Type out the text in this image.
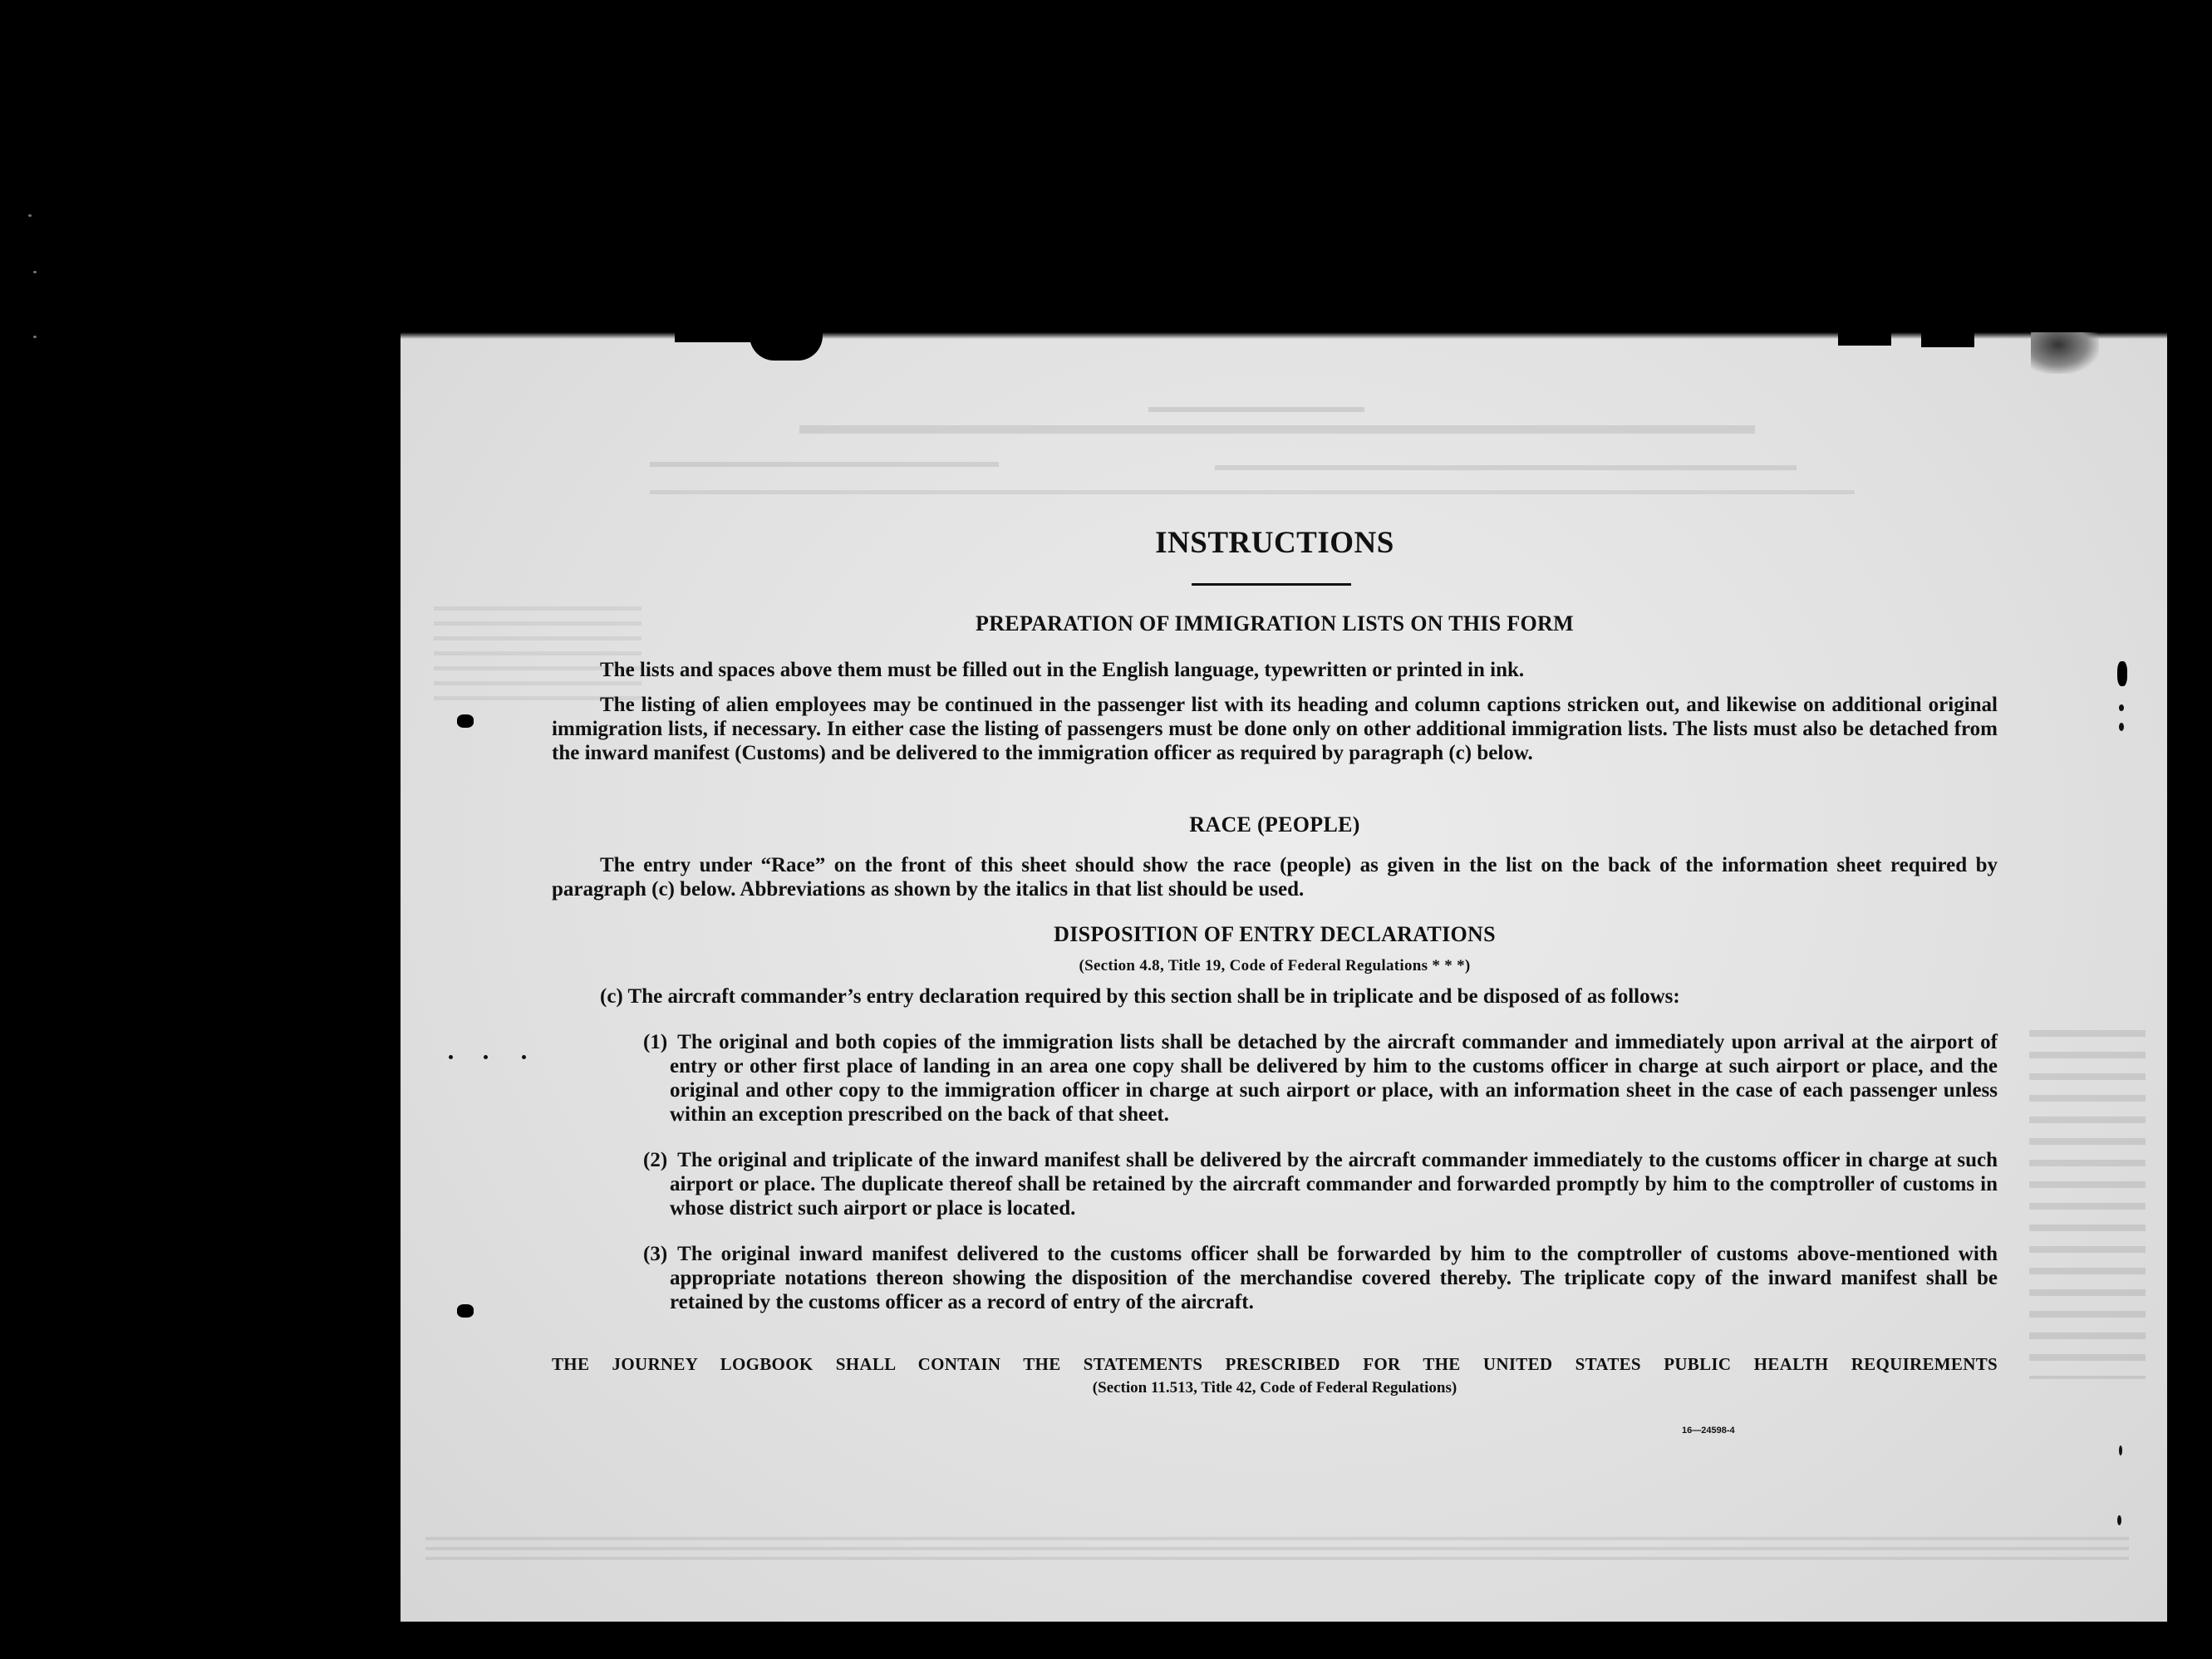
INSTRUCTIONS
PREPARATION OF IMMIGRATION LISTS ON THIS FORM
The lists and spaces above them must be filled out in the English language, typewritten or printed in ink.
The listing of alien employees may be continued in the passenger list with its heading and column captions stricken out, and likewise on additional original immigration lists, if necessary. In either case the listing of passengers must be done only on other additional immigration lists. The lists must also be detached from the inward manifest (Customs) and be delivered to the immigration officer as required by paragraph (c) below.
RACE (PEOPLE)
The entry under “Race” on the front of this sheet should show the race (people) as given in the list on the back of the information sheet required by paragraph (c) below. Abbreviations as shown by the italics in that list should be used.
DISPOSITION OF ENTRY DECLARATIONS
(Section 4.8, Title 19, Code of Federal Regulations * * *)
(c) The aircraft commander’s entry declaration required by this section shall be in triplicate and be disposed of as follows:
(1) The original and both copies of the immigration lists shall be detached by the aircraft commander and immediately upon arrival at the airport of entry or other first place of landing in an area one copy shall be delivered by him to the customs officer in charge at such airport or place, and the original and other copy to the immigration officer in charge at such airport or place, with an information sheet in the case of each passenger unless within an exception prescribed on the back of that sheet.
(2) The original and triplicate of the inward manifest shall be delivered by the aircraft commander immediately to the customs officer in charge at such airport or place. The duplicate thereof shall be retained by the aircraft commander and forwarded promptly by him to the comptroller of customs in whose district such airport or place is located.
(3) The original inward manifest delivered to the customs officer shall be forwarded by him to the comptroller of customs above-mentioned with appropriate notations thereon showing the disposition of the merchandise covered thereby. The triplicate copy of the inward manifest shall be retained by the customs officer as a record of entry of the aircraft.
THE JOURNEY LOGBOOK SHALL CONTAIN THE STATEMENTS PRESCRIBED FOR THE UNITED STATES PUBLIC HEALTH REQUIREMENTS
(Section 11.513, Title 42, Code of Federal Regulations)
16—24598-4
